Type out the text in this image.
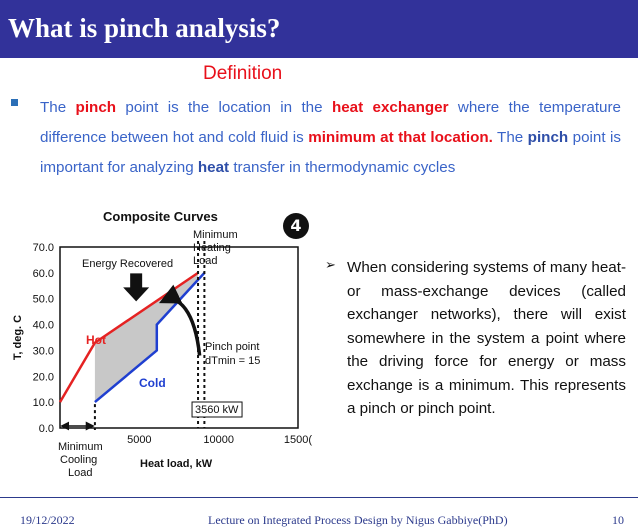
What is pinch analysis?
Definition
The pinch point is the location in the heat exchanger where the temperature difference between hot and cold fluid is minimum at that location. The pinch point is important for analyzing heat transfer in thermodynamic cycles
0.0
10.0
20.0
30.0
40.0
50.0
60.0
70.0
5000	10000	1500(
Composite Curves
T, deg. C
Heat load, kW
Hot
Cold
Energy Recovered
Minimum
Heating
Load
Pinch point
dTmin = 15
Minimum
Cooling
Load
3560 kW
4
➢ When considering systems of many heat- or mass-exchange devices (called exchanger networks), there will exist somewhere in the system a point where the driving force for energy or mass exchange is a minimum. This represents a pinch or pinch point.
19/12/2022	Lecture on Integrated Process Design by Nigus Gabbiye(PhD)	10
